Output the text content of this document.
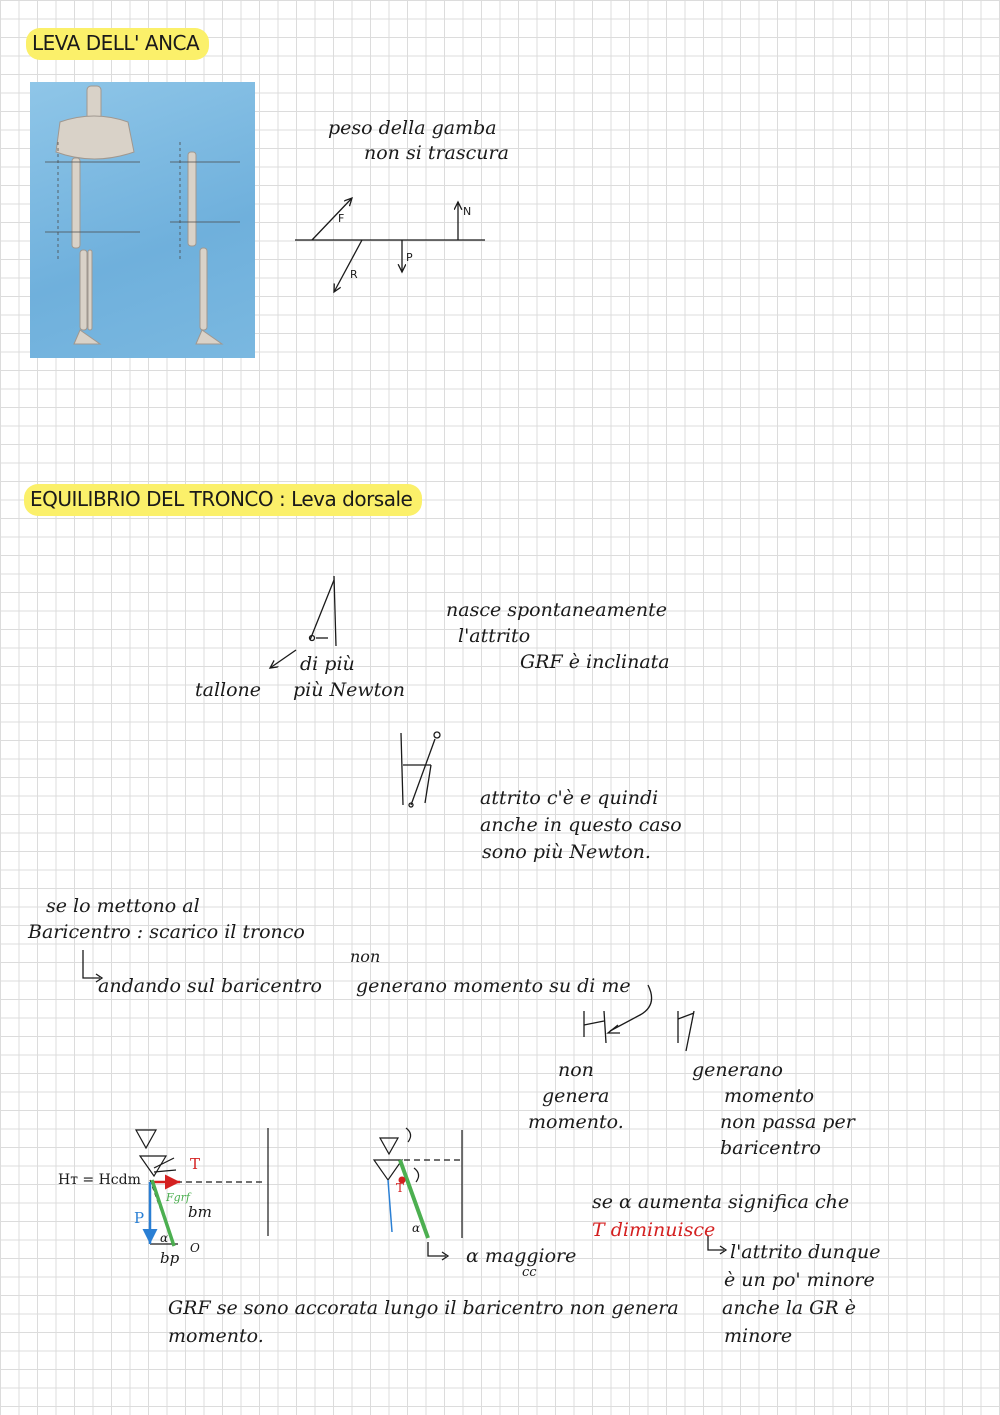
LEVA DELL' ANCA
peso della gamba
non si trascura
F
N
R
P
EQUILIBRIO DEL TRONCO : Leva dorsale
tallone
di più
più Newton
nasce spontaneamente
l'attrito
GRF è inclinata
attrito c'è e quindi
anche in questo caso
sono più Newton.
se lo mettono al
Baricentro : scarico il tronco
andando sul baricentro
non
generano momento su di me
non
genera
momento.
generano
momento
non passa per
baricentro
Hт = Hcdm
T
P
Fgrf
bт
α
O
bp
T
α
α maggiore
cc
se α aumenta significa che
T diminuisce
l'attrito dunque
è un po' minore
anche la GR è
minore
GRF se sono accorata lungo il baricentro non genera
momento.
